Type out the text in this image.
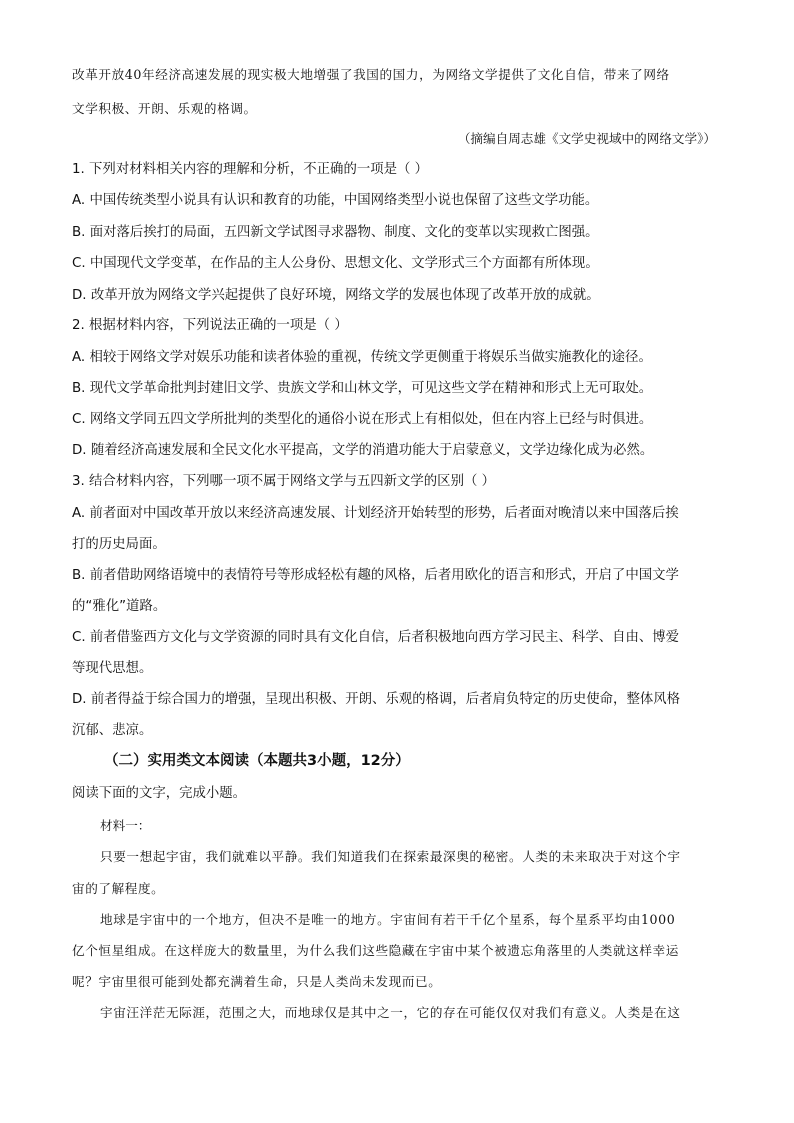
改革开放40年经济高速发展的现实极大地增强了我国的国力，为网络文学提供了文化自信，带来了网络
文学积极、开朗、乐观的格调。
（摘编自周志雄《文学史视域中的网络文学》）
1. 下列对材料相关内容的理解和分析，不正确的一项是（ ）
A. 中国传统类型小说具有认识和教育的功能，中国网络类型小说也保留了这些文学功能。
B. 面对落后挨打的局面，五四新文学试图寻求器物、制度、文化的变革以实现救亡图强。
C. 中国现代文学变革，在作品的主人公身份、思想文化、文学形式三个方面都有所体现。
D. 改革开放为网络文学兴起提供了良好环境，网络文学的发展也体现了改革开放的成就。
2. 根据材料内容，下列说法正确的一项是（ ）
A. 相较于网络文学对娱乐功能和读者体验的重视，传统文学更侧重于将娱乐当做实施教化的途径。
B. 现代文学革命批判封建旧文学、贵族文学和山林文学，可见这些文学在精神和形式上无可取处。
C. 网络文学同五四文学所批判的类型化的通俗小说在形式上有相似处，但在内容上已经与时俱进。
D. 随着经济高速发展和全民文化水平提高，文学的消遣功能大于启蒙意义，文学边缘化成为必然。
3. 结合材料内容，下列哪一项不属于网络文学与五四新文学的区别（ ）
A. 前者面对中国改革开放以来经济高速发展、计划经济开始转型的形势，后者面对晚清以来中国落后挨
打的历史局面。
B. 前者借助网络语境中的表情符号等形成轻松有趣的风格，后者用欧化的语言和形式，开启了中国文学
的“雅化”道路。
C. 前者借鉴西方文化与文学资源的同时具有文化自信，后者积极地向西方学习民主、科学、自由、博爱
等现代思想。
D. 前者得益于综合国力的增强，呈现出积极、开朗、乐观的格调，后者肩负特定的历史使命，整体风格
沉郁、悲凉。
（二）实用类文本阅读（本题共3小题，12分）
阅读下面的文字，完成小题。
材料一：
只要一想起宇宙，我们就难以平静。我们知道我们在探索最深奥的秘密。人类的未来取决于对这个宇
宙的了解程度。
地球是宇宙中的一个地方，但决不是唯一的地方。宇宙间有若干千亿个星系，每个星系平均由1000
亿个恒星组成。在这样庞大的数量里，为什么我们这些隐藏在宇宙中某个被遗忘角落里的人类就这样幸运
呢？宇宙里很可能到处都充满着生命，只是人类尚未发现而已。
宇宙汪洋茫无际涯，范围之大，而地球仅是其中之一，它的存在可能仅仅对我们有意义。人类是在这
